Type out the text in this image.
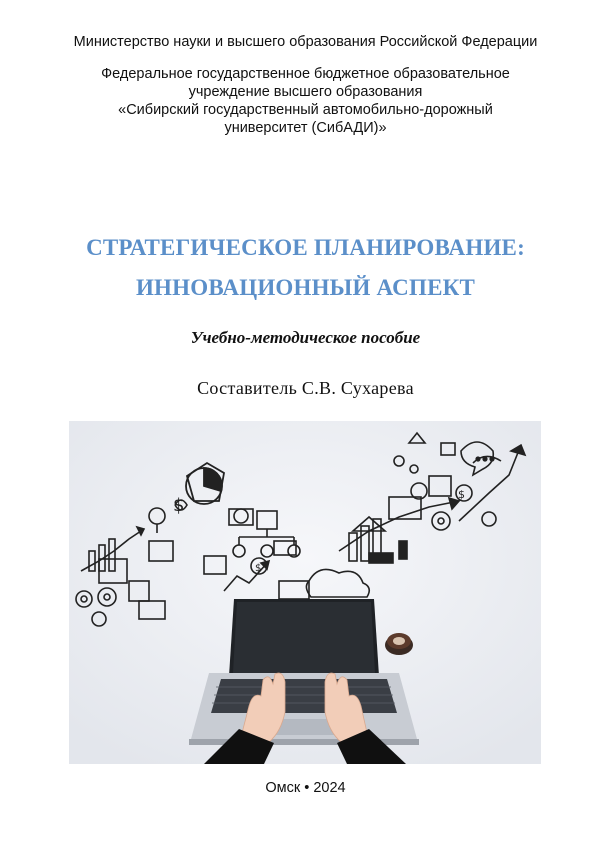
Министерство науки и высшего образования Российской Федерации
Федеральное государственное бюджетное образовательное
учреждение высшего образования
«Сибирский государственный автомобильно-дорожный
университет (СибАДИ)»
СТРАТЕГИЧЕСКОЕ ПЛАНИРОВАНИЕ:
ИННОВАЦИОННЫЙ АСПЕКТ
Учебно-методическое пособие
Составитель С.В. Сухарева
$
$
$
Омск • 2024
